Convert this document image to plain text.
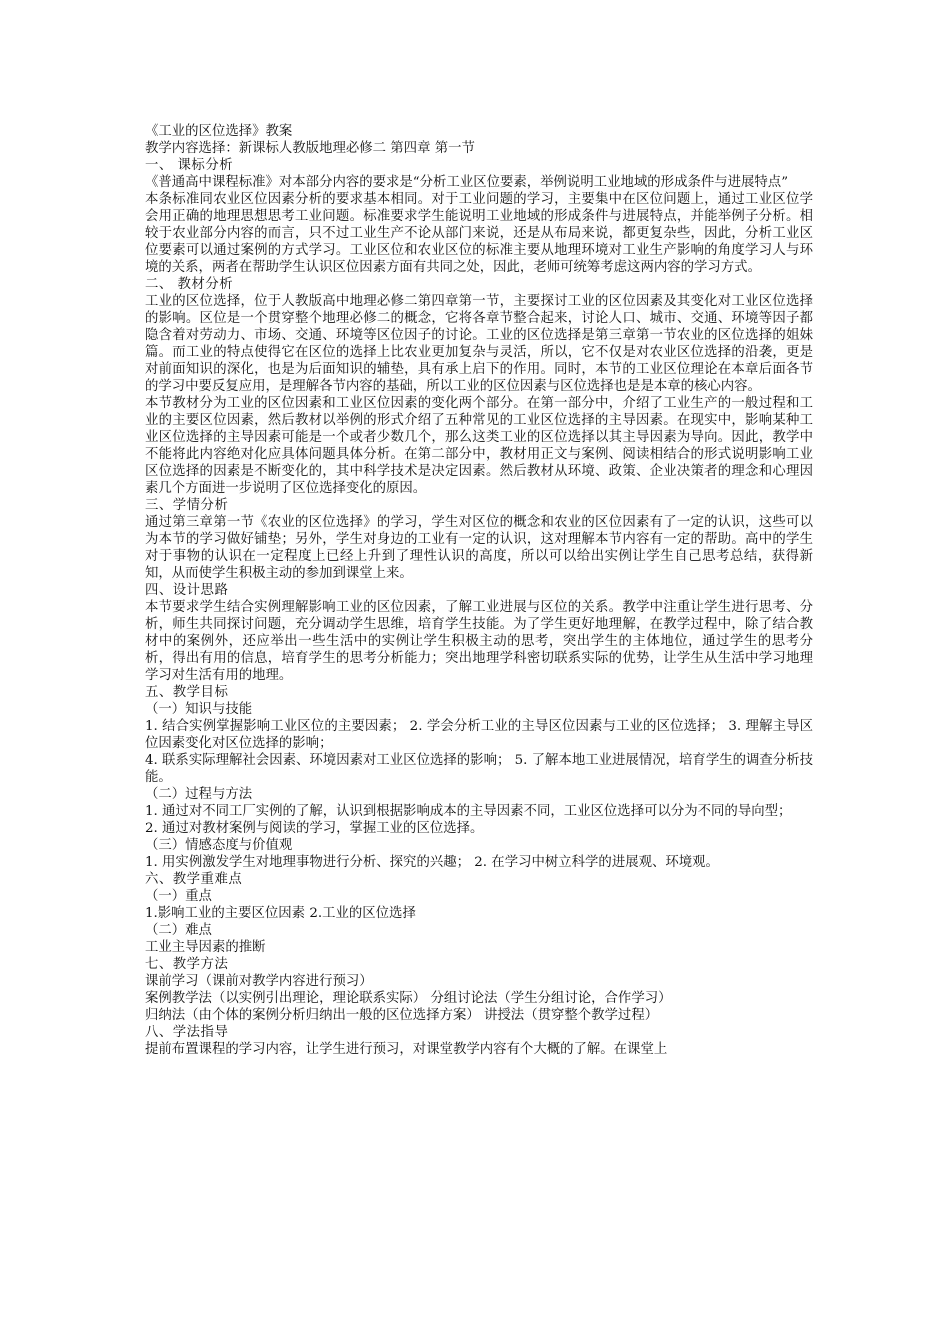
《工业的区位选择》教案

教学内容选择：新课标人教版地理必修二 第四章 第一节

一、 课标分析

《普通高中课程标准》对本部分内容的要求是“分析工业区位要素，举例说明工业地域的形成条件与进展特点”

本条标准同农业区位因素分析的要求基本相同。对于工业问题的学习，主要集中在区位问题上，通过工业区位学会用正确的地理思想思考工业问题。标准要求学生能说明工业地域的形成条件与进展特点，并能举例子分析。相较于农业部分内容的而言，只不过工业生产不论从部门来说，还是从布局来说，都更复杂些，因此，分析工业区位要素可以通过案例的方式学习。工业区位和农业区位的标准主要从地理环境对工业生产影响的角度学习人与环境的关系，两者在帮助学生认识区位因素方面有共同之处，因此，老师可统筹考虑这两内容的学习方式。

二、 教材分析

工业的区位选择，位于人教版高中地理必修二第四章第一节，主要探讨工业的区位因素及其变化对工业区位选择的影响。区位是一个贯穿整个地理必修二的概念，它将各章节整合起来，讨论人口、城市、交通、环境等因子都隐含着对劳动力、市场、交通、环境等区位因子的讨论。工业的区位选择是第三章第一节农业的区位选择的姐妹篇。而工业的特点使得它在区位的选择上比农业更加复杂与灵活，所以，它不仅是对农业区位选择的沿袭，更是对前面知识的深化，也是为后面知识的辅垫，具有承上启下的作用。同时，本节的工业区位理论在本章后面各节的学习中要反复应用，是理解各节内容的基础，所以工业的区位因素与区位选择也是是本章的核心内容。

本节教材分为工业的区位因素和工业区位因素的变化两个部分。在第一部分中，介绍了工业生产的一般过程和工业的主要区位因素，然后教材以举例的形式介绍了五种常见的工业区位选择的主导因素。在现实中，影响某种工业区位选择的主导因素可能是一个或者少数几个，那么这类工业的区位选择以其主导因素为导向。因此，教学中不能将此内容绝对化应具体问题具体分析。在第二部分中，教材用正文与案例、阅读相结合的形式说明影响工业区位选择的因素是不断变化的，其中科学技术是决定因素。然后教材从环境、政策、企业决策者的理念和心理因素几个方面进一步说明了区位选择变化的原因。

三、学情分析

通过第三章第一节《农业的区位选择》的学习，学生对区位的概念和农业的区位因素有了一定的认识，这些可以为本节的学习做好铺垫；另外，学生对身边的工业有一定的认识，这对理解本节内容有一定的帮助。高中的学生对于事物的认识在一定程度上已经上升到了理性认识的高度，所以可以给出实例让学生自己思考总结，获得新知，从而使学生积极主动的参加到课堂上来。

四、设计思路

本节要求学生结合实例理解影响工业的区位因素，了解工业进展与区位的关系。教学中注重让学生进行思考、分析，师生共同探讨问题，充分调动学生思维，培育学生技能。为了学生更好地理解，在教学过程中，除了结合教材中的案例外，还应举出一些生活中的实例让学生积极主动的思考，突出学生的主体地位，通过学生的思考分析，得出有用的信息，培育学生的思考分析能力；突出地理学科密切联系实际的优势，让学生从生活中学习地理学习对生活有用的地理。

五、教学目标

（一）知识与技能

1. 结合实例掌握影响工业区位的主要因素； 2. 学会分析工业的主导区位因素与工业的区位选择； 3. 理解主导区位因素变化对区位选择的影响；

4. 联系实际理解社会因素、环境因素对工业区位选择的影响； 5. 了解本地工业进展情况，培育学生的调查分析技能。

（二）过程与方法

1. 通过对不同工厂实例的了解，认识到根据影响成本的主导因素不同，工业区位选择可以分为不同的导向型；

2. 通过对教材案例与阅读的学习，掌握工业的区位选择。

（三）情感态度与价值观

1. 用实例激发学生对地理事物进行分析、探究的兴趣； 2. 在学习中树立科学的进展观、环境观。

六、教学重难点

（一）重点

1.影响工业的主要区位因素 2.工业的区位选择

（二）难点

工业主导因素的推断

七、教学方法

课前学习（课前对教学内容进行预习）

案例教学法（以实例引出理论，理论联系实际） 分组讨论法（学生分组讨论，合作学习）

归纳法（由个体的案例分析归纳出一般的区位选择方案） 讲授法（贯穿整个教学过程）

八、学法指导

提前布置课程的学习内容，让学生进行预习，对课堂教学内容有个大概的了解。在课堂上
